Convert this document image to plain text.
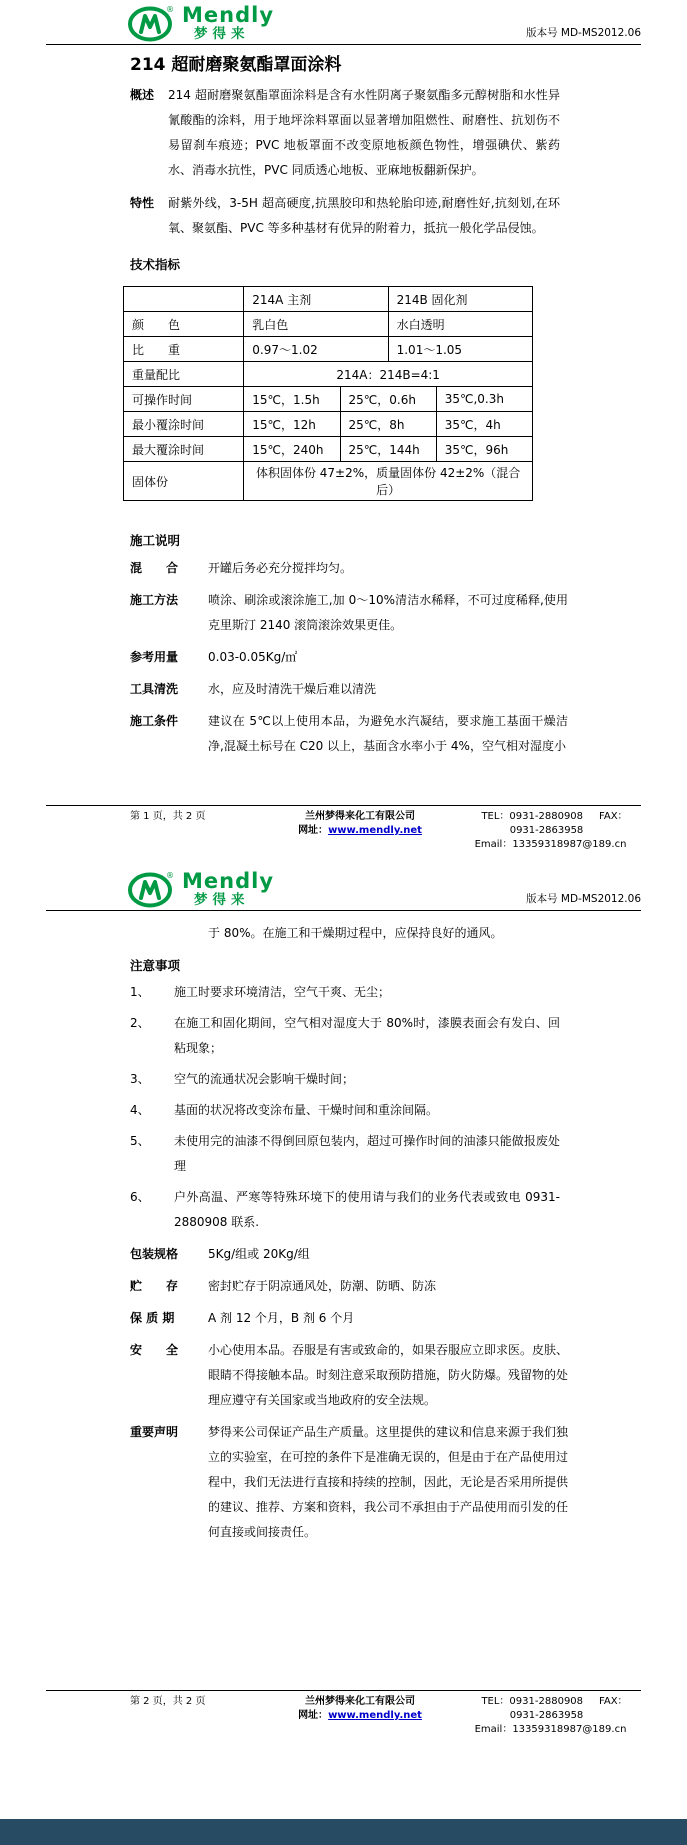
® Mendly
梦得来	版本号 MD-MS2012.06
214 超耐磨聚氨酯罩面涂料
概述	214 超耐磨聚氨酯罩面涂料是含有水性阴离子聚氨酯多元醇树脂和水性异氰酸酯的涂料，用于地坪涂料罩面以显著增加阻燃性、耐磨性、抗划伤不易留刹车痕迹；PVC 地板罩面不改变原地板颜色物性，增强碘伏、紫药水、消毒水抗性，PVC 同质透心地板、亚麻地板翻新保护。
特性	耐紫外线，3-5H 超高硬度,抗黑胶印和热轮胎印迹,耐磨性好,抗刻划,在环氧、聚氨酯、PVC 等多种基材有优异的附着力，抵抗一般化学品侵蚀。
技术指标
	214A 主剂		214B 固化剂	
颜　　色	乳白色		水白透明	
比　　重	0.97～1.02		1.01～1.05	
重量配比	214A：214B=4:1			
可操作时间	15℃，1.5h	25℃，0.6h		35℃,0.3h
最小覆涂时间	15℃，12h	25℃，8h		35℃，4h
最大覆涂时间	15℃，240h	25℃，144h		35℃，96h
固体份	体积固体份 47±2%，质量固体份 42±2%（混合后）			
施工说明
混　　合	开罐后务必充分搅拌均匀。
施工方法	喷涂、刷涂或滚涂施工,加 0～10%清洁水稀释，不可过度稀释,使用克里斯汀 2140 滚筒滚涂效果更佳。
参考用量	0.03-0.05Kg/㎡
工具清洗	水，应及时清洗干燥后难以清洗
施工条件	建议在 5℃以上使用本品，为避免水汽凝结，要求施工基面干燥洁净,混凝土标号在 C20 以上，基面含水率小于 4%，空气相对湿度小
第 1 页，共 2 页	兰州梦得来化工有限公司
网址：www.mendly.net
TEL：0931-2880908 FAX：0931-2863958
Email：13359318987@189.cn
® Mendly
梦得来	版本号 MD-MS2012.06
于 80%。在施工和干燥期过程中，应保持良好的通风。
注意事项
1、	施工时要求环境清洁，空气干爽、无尘；
2、	在施工和固化期间，空气相对湿度大于 80%时，漆膜表面会有发白、回粘现象；
3、	空气的流通状况会影响干燥时间；
4、	基面的状况将改变涂布量、干燥时间和重涂间隔。
5、	未使用完的油漆不得倒回原包装内，超过可操作时间的油漆只能做报废处理
6、	户外高温、严寒等特殊环境下的使用请与我们的业务代表或致电 0931-2880908 联系.
包装规格	5Kg/组或 20Kg/组
贮　　存	密封贮存于阴凉通风处，防潮、防晒、防冻
保 质 期	A 剂 12 个月，B 剂 6 个月
安　　全	小心使用本品。吞服是有害或致命的，如果吞服应立即求医。皮肤、眼睛不得接触本品。时刻注意采取预防措施，防火防爆。残留物的处理应遵守有关国家或当地政府的安全法规。
重要声明	梦得来公司保证产品生产质量。这里提供的建议和信息来源于我们独立的实验室，在可控的条件下是准确无误的，但是由于在产品使用过程中，我们无法进行直接和持续的控制，因此，无论是否采用所提供的建议、推荐、方案和资料，我公司不承担由于产品使用而引发的任何直接或间接责任。
第 2 页，共 2 页	兰州梦得来化工有限公司
网址：www.mendly.net
TEL：0931-2880908 FAX：0931-2863958
Email：13359318987@189.cn
